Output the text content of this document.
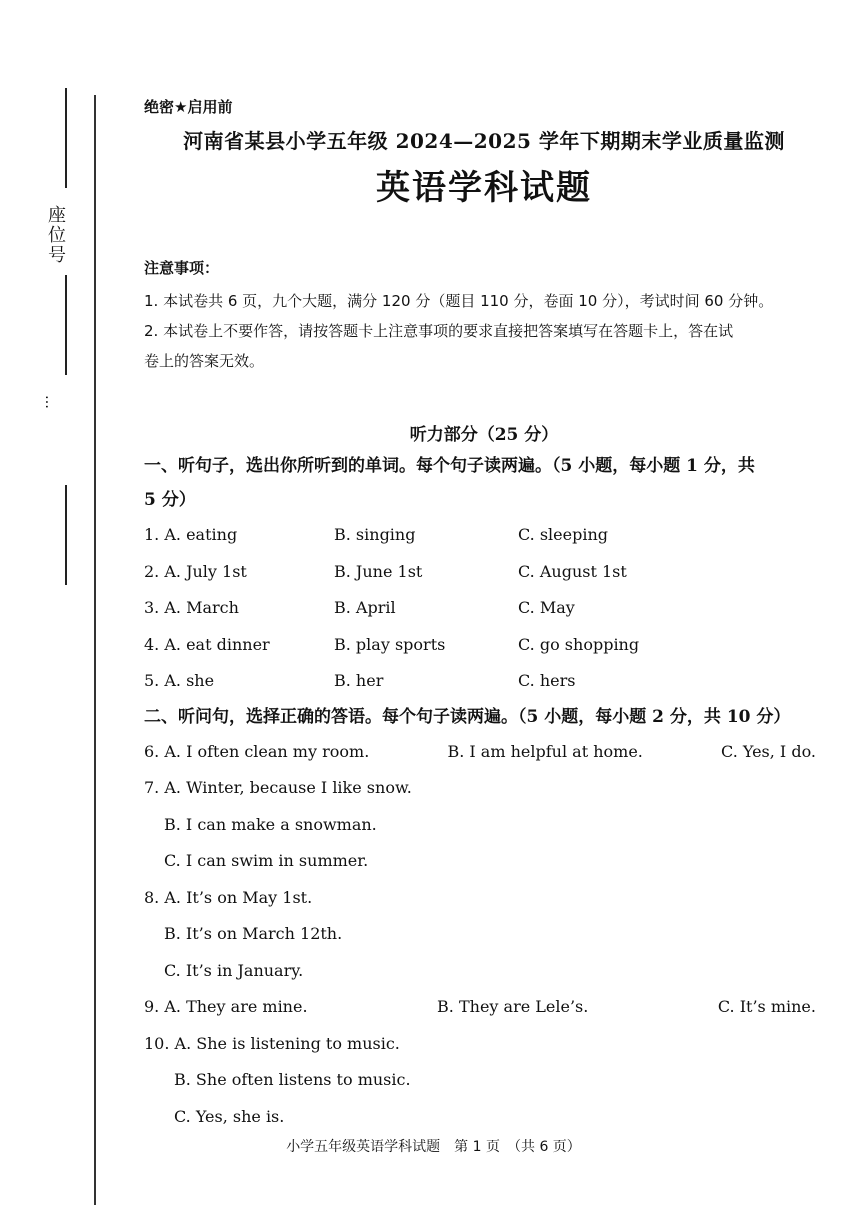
座位号
…

绝密★启用前

河南省某县小学五年级 2024—2025 学年下期期末学业质量监测

英语学科试题

注意事项：

1. 本试卷共 6 页，九个大题，满分 120 分（题目 110 分，卷面 10 分），考试时间 60 分钟。

2. 本试卷上不要作答，请按答题卡上注意事项的要求直接把答案填写在答题卡上，答在试

卷上的答案无效。

听力部分（25 分）

一、听句子，选出你所听到的单词。每个句子读两遍。（5 小题，每小题 1 分，共

5 分）

1. A. eating	B. singing	C. sleeping
2. A. July 1st	B. June 1st	C. August 1st
3. A. March	B. April	C. May
4. A. eat dinner	B. play sports	C. go shopping
5. A. she	B. her	C. hers

二、听问句，选择正确的答语。每个句子读两遍。（5 小题，每小题 2 分，共 10 分）

6. A. I often clean my room.	B. I am helpful at home.	C. Yes, I do.
7. A. Winter, because I like snow.
B. I can make a snowman.
C. I can swim in summer.
8. A. It’s on May 1st.
B. It’s on March 12th.
C. It’s in January.
9. A. They are mine.	B. They are Lele’s.	C. It’s mine.
10. A. She is listening to music.
B. She often listens to music.
C. Yes, she is.
小学五年级英语学科试题　第 1 页　（共 6 页）
